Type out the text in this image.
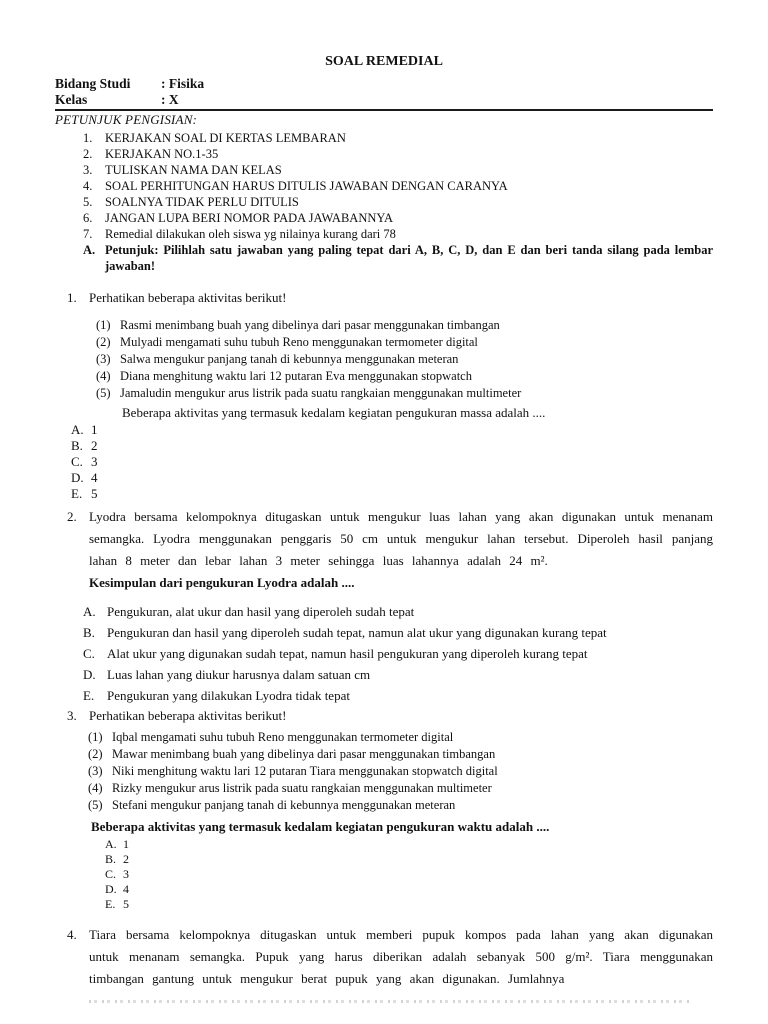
SOAL REMEDIAL
Bidang Studi	: Fisika
Kelas	: X
PETUNJUK PENGISIAN:
1.	KERJAKAN SOAL DI KERTAS LEMBARAN
2.	KERJAKAN NO.1-35
3.	TULISKAN NAMA DAN KELAS
4.	SOAL PERHITUNGAN HARUS DITULIS JAWABAN DENGAN CARANYA
5.	SOALNYA TIDAK PERLU DITULIS
6.	JANGAN LUPA BERI NOMOR PADA JAWABANNYA
7.	Remedial dilakukan oleh siswa yg nilainya kurang dari 78
A. Petunjuk: Pilihlah satu jawaban yang paling tepat dari A, B, C, D, dan E dan beri tanda silang pada lembar jawaban!
1. Perhatikan beberapa aktivitas berikut!
(1) Rasmi menimbang buah yang dibelinya dari pasar menggunakan timbangan
(2) Mulyadi mengamati suhu tubuh Reno menggunakan termometer digital
(3) Salwa mengukur panjang tanah di kebunnya menggunakan meteran
(4) Diana menghitung waktu lari 12 putaran Eva menggunakan stopwatch
(5) Jamaludin mengukur arus listrik pada suatu rangkaian menggunakan multimeter
Beberapa aktivitas yang termasuk kedalam kegiatan pengukuran massa adalah ....
A. 1
B. 2
C. 3
D. 4
E. 5
2. Lyodra bersama kelompoknya ditugaskan untuk mengukur luas lahan yang akan digunakan untuk menanam semangka. Lyodra menggunakan penggaris 50 cm untuk mengukur lahan tersebut. Diperoleh hasil panjang lahan 8 meter dan lebar lahan 3 meter sehingga luas lahannya adalah 24 m².
Kesimpulan dari pengukuran Lyodra adalah ....
A. Pengukuran, alat ukur dan hasil yang diperoleh sudah tepat
B. Pengukuran dan hasil yang diperoleh sudah tepat, namun alat ukur yang digunakan kurang tepat
C. Alat ukur yang digunakan sudah tepat, namun hasil pengukuran yang diperoleh kurang tepat
D. Luas lahan yang diukur harusnya dalam satuan cm
E. Pengukuran yang dilakukan Lyodra tidak tepat
3. Perhatikan beberapa aktivitas berikut!
(1) Iqbal mengamati suhu tubuh Reno menggunakan termometer digital
(2) Mawar menimbang buah yang dibelinya dari pasar menggunakan timbangan
(3) Niki menghitung waktu lari 12 putaran Tiara menggunakan stopwatch digital
(4) Rizky mengukur arus listrik pada suatu rangkaian menggunakan multimeter
(5) Stefani mengukur panjang tanah di kebunnya menggunakan meteran
Beberapa aktivitas yang termasuk kedalam kegiatan pengukuran waktu adalah ....
A. 1
B. 2
C. 3
D. 4
E. 5
4. Tiara bersama kelompoknya ditugaskan untuk memberi pupuk kompos pada lahan yang akan digunakan untuk menanam semangka. Pupuk yang harus diberikan adalah sebanyak 500 g/m². Tiara menggunakan timbangan gantung untuk mengukur berat pupuk yang akan digunakan. Jumlahnya
